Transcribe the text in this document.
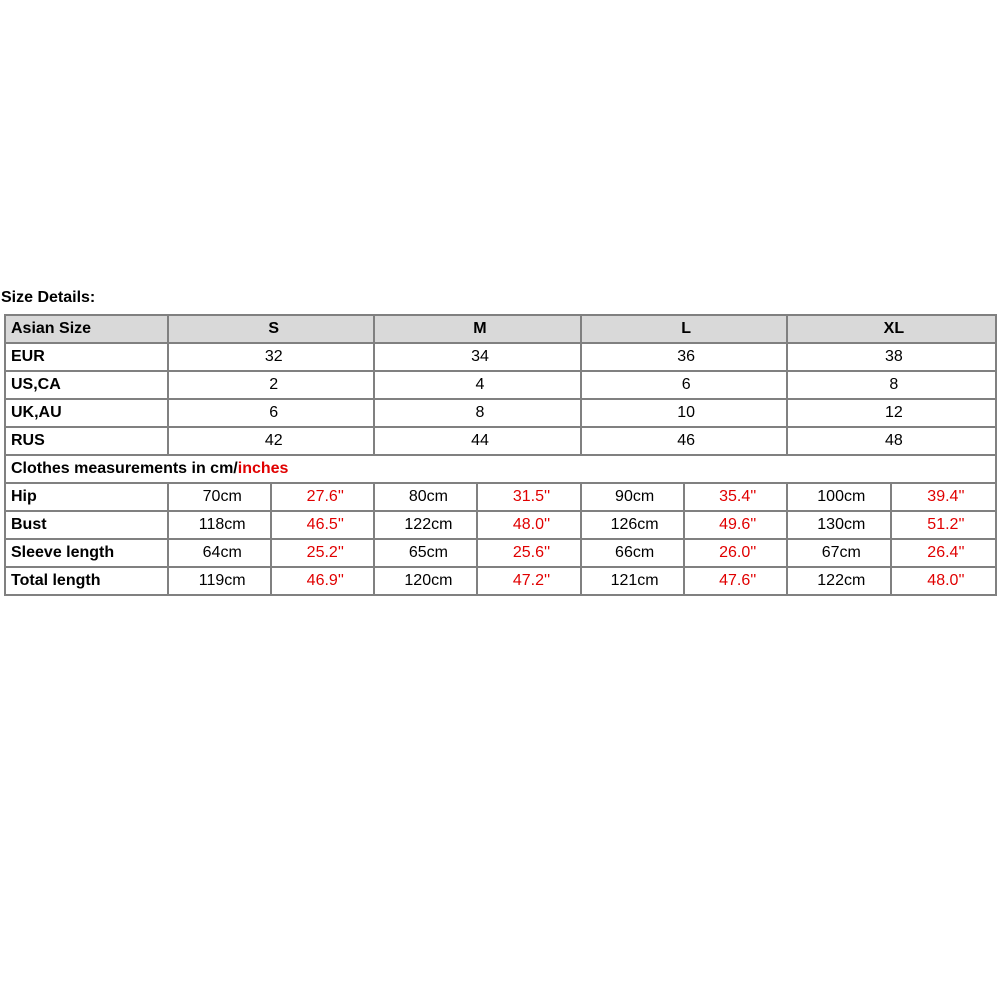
Size Details:
Asian Size	S		M		L		XL	
EUR	32		34		36		38	
US,CA	2		4		6		8	
UK,AU	6		8		10		12	
RUS	42		44		46		48	
Clothes measurements in cm/inches								
Hip	70cm	27.6''	80cm	31.5''	90cm	35.4''	100cm	39.4''
Bust	118cm	46.5''	122cm	48.0''	126cm	49.6''	130cm	51.2''
Sleeve length	64cm	25.2''	65cm	25.6''	66cm	26.0''	67cm	26.4''
Total length	119cm	46.9''	120cm	47.2''	121cm	47.6''	122cm	48.0''
